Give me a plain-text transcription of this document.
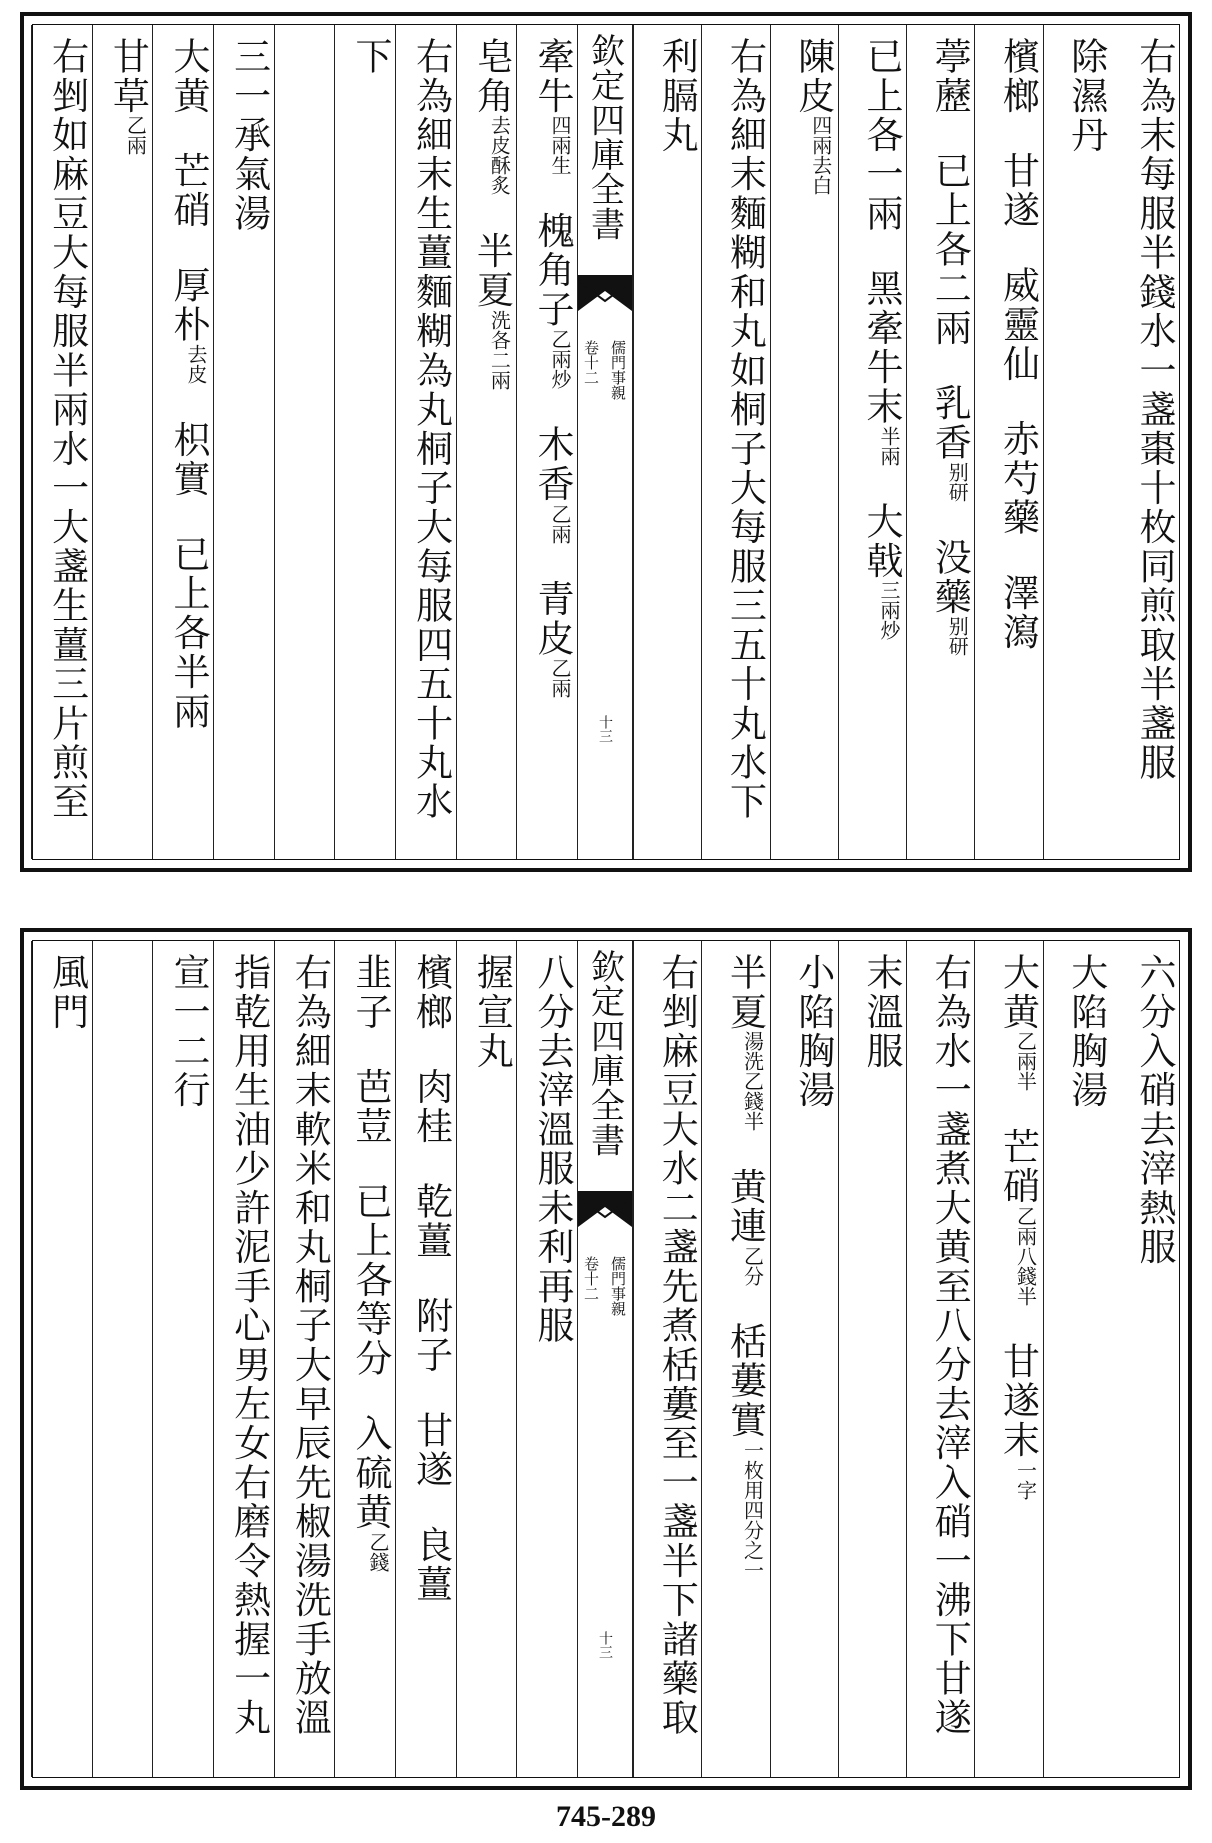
右為末每服半錢水一盞棗十枚同煎取半盞服
除濕丹
檳榔甘遂威靈仙赤芍藥澤瀉
葶藶已上各二兩乳香别研没藥别研
已上各一兩黑牽牛末半兩大戟三兩炒
陳皮四兩去白
右為細末麵糊和丸如桐子大每服三五十丸水下
利膈丸
欽定四庫全書
卷十二 儒門事親
十三
牽牛四兩生槐角子乙兩炒木香乙兩青皮乙兩
皂角去皮酥炙半夏洗各二兩
右為細末生薑麵糊為丸桐子大每服四五十丸水
下
三一承氣湯
大黄芒硝厚朴去皮枳實已上各半兩
甘草乙兩
右剉如麻豆大每服半兩水一大盞生薑三片煎至
六分入硝去滓熱服
大陷胸湯
大黄乙兩半芒硝乙兩八錢半甘遂末一字
右為水一盞煮大黄至八分去滓入硝一沸下甘遂
末溫服
小陷胸湯
半夏湯洗乙錢半黄連乙分栝蔞實一枚用四分之一
右剉麻豆大水二盞先煮栝蔞至一盞半下諸藥取
欽定四庫全書
卷十二 儒門事親
十三
八分去滓溫服未利再服
握宣丸
檳榔肉桂乾薑附子甘遂良薑
韭子芭荳已上各等分入硫黄乙錢
右為細末軟米和丸桐子大早辰先椒湯洗手放溫
指乾用生油少許泥手心男左女右磨令熱握一丸
宣一二行
風門
745-289
